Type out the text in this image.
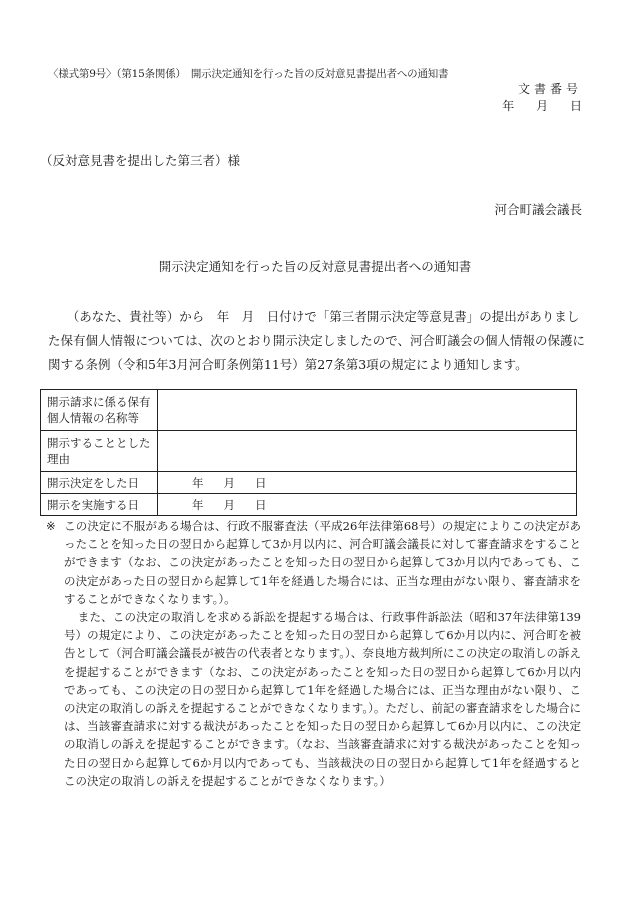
〈様式第9号〉（第15条関係）　開示決定通知を行った旨の反対意見書提出者への通知書
文書番号
年 月 日
（反対意見書を提出した第三者）様
河合町議会議長
開示決定通知を行った旨の反対意見書提出者への通知書

（あなた、貴社等）から　年　月　日付けで「第三者開示決定等意見書」の提出がありました保有個人情報については、次のとおり開示決定しましたので、河合町議会の個人情報の保護に関する条例（令和5年3月河合町条例第11号）第27条第3項の規定により通知します。

開示請求に係る保有個人情報の名称等	
開示することとした理由	
開示決定をした日	年 月 日
開示を実施する日	年 月 日

※ この決定に不服がある場合は、行政不服審査法（平成26年法律第68号）の規定によりこの決定があったことを知った日の翌日から起算して3か月以内に、河合町議会議長に対して審査請求をすることができます（なお、この決定があったことを知った日の翌日から起算して3か月以内であっても、この決定があった日の翌日から起算して1年を経過した場合には、正当な理由がない限り、審査請求をすることができなくなります。）。

また、この決定の取消しを求める訴訟を提起する場合は、行政事件訴訟法（昭和37年法律第139号）の規定により、この決定があったことを知った日の翌日から起算して6か月以内に、河合町を被告として（河合町議会議長が被告の代表者となります。）、奈良地方裁判所にこの決定の取消しの訴えを提起することができます（なお、この決定があったことを知った日の翌日から起算して6か月以内であっても、この決定の日の翌日から起算して1年を経過した場合には、正当な理由がない限り、この決定の取消しの訴えを提起することができなくなります。）。ただし、前記の審査請求をした場合には、当該審査請求に対する裁決があったことを知った日の翌日から起算して6か月以内に、この決定の取消しの訴えを提起することができます。（なお、当該審査請求に対する裁決があったことを知った日の翌日から起算して6か月以内であっても、当該裁決の日の翌日から起算して1年を経過するとこの決定の取消しの訴えを提起することができなくなります。）
